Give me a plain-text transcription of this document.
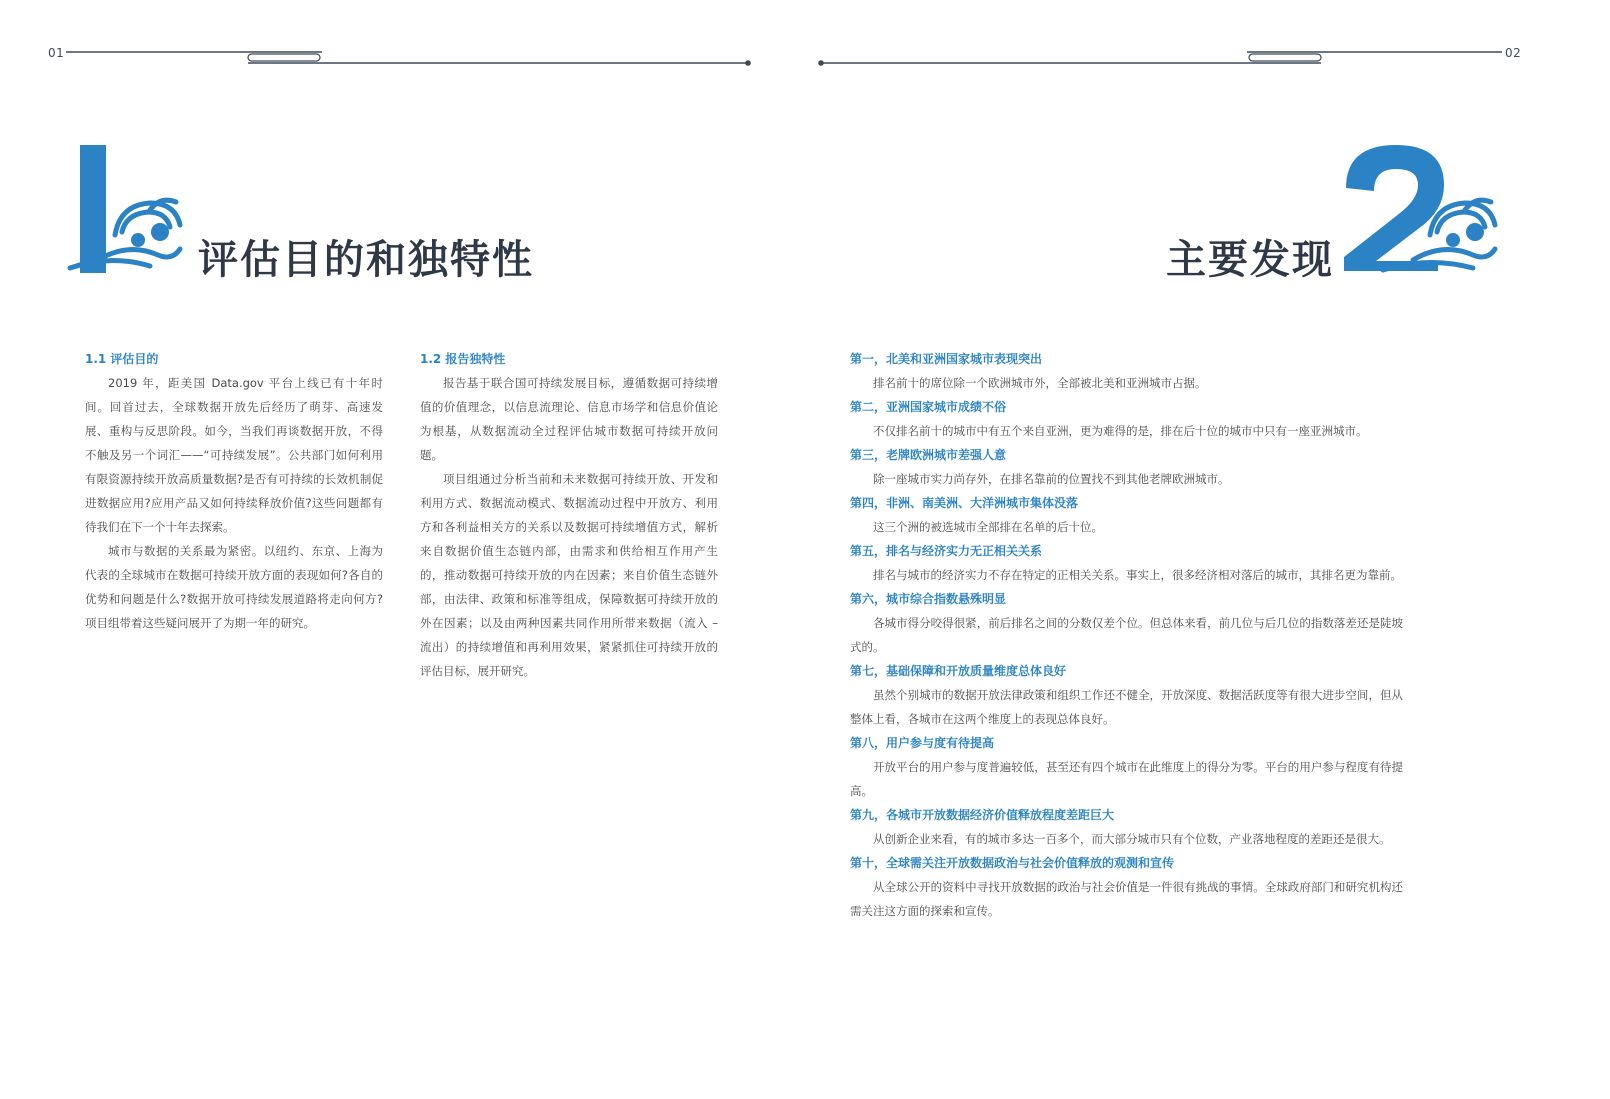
01
评估目的和独特性
1.1 评估目的

2019 年，距美国 Data.gov 平台上线已有十年时间。回首过去，全球数据开放先后经历了萌芽、高速发展、重构与反思阶段。如今，当我们再谈数据开放，不得不触及另一个词汇——“可持续发展”。公共部门如何利用有限资源持续开放高质量数据?是否有可持续的长效机制促进数据应用?应用产品又如何持续释放价值?这些问题都有待我们在下一个十年去探索。

城市与数据的关系最为紧密。以纽约、东京、上海为代表的全球城市在数据可持续开放方面的表现如何?各自的优势和问题是什么?数据开放可持续发展道路将走向何方?项目组带着这些疑问展开了为期一年的研究。

1.2 报告独特性

报告基于联合国可持续发展目标，遵循数据可持续增值的价值理念，以信息流理论、信息市场学和信息价值论为根基，从数据流动全过程评估城市数据可持续开放问题。

项目组通过分析当前和未来数据可持续开放、开发和利用方式、数据流动模式、数据流动过程中开放方、利用方和各利益相关方的关系以及数据可持续增值方式，解析来自数据价值生态链内部，由需求和供给相互作用产生的，推动数据可持续开放的内在因素；来自价值生态链外部，由法律、政策和标准等组成，保障数据可持续开放的外在因素；以及由两种因素共同作用所带来数据（流入 – 流出）的持续增值和再利用效果，紧紧抓住可持续开放的评估目标，展开研究。

02
主要发现
第一，北美和亚洲国家城市表现突出

排名前十的席位除一个欧洲城市外，全部被北美和亚洲城市占据。

第二，亚洲国家城市成绩不俗

不仅排名前十的城市中有五个来自亚洲，更为难得的是，排在后十位的城市中只有一座亚洲城市。

第三，老牌欧洲城市差强人意

除一座城市实力尚存外，在排名靠前的位置找不到其他老牌欧洲城市。

第四，非洲、南美洲、大洋洲城市集体没落

这三个洲的被选城市全部排在名单的后十位。

第五，排名与经济实力无正相关关系

排名与城市的经济实力不存在特定的正相关关系。事实上，很多经济相对落后的城市，其排名更为靠前。

第六，城市综合指数悬殊明显

各城市得分咬得很紧，前后排名之间的分数仅差个位。但总体来看，前几位与后几位的指数落差还是陡坡式的。

第七，基础保障和开放质量维度总体良好

虽然个别城市的数据开放法律政策和组织工作还不健全，开放深度、数据活跃度等有很大进步空间，但从整体上看，各城市在这两个维度上的表现总体良好。

第八，用户参与度有待提高

开放平台的用户参与度普遍较低，甚至还有四个城市在此维度上的得分为零。平台的用户参与程度有待提高。

第九，各城市开放数据经济价值释放程度差距巨大

从创新企业来看，有的城市多达一百多个，而大部分城市只有个位数，产业落地程度的差距还是很大。

第十，全球需关注开放数据政治与社会价值释放的观测和宣传

从全球公开的资料中寻找开放数据的政治与社会价值是一件很有挑战的事情。全球政府部门和研究机构还需关注这方面的探索和宣传。
